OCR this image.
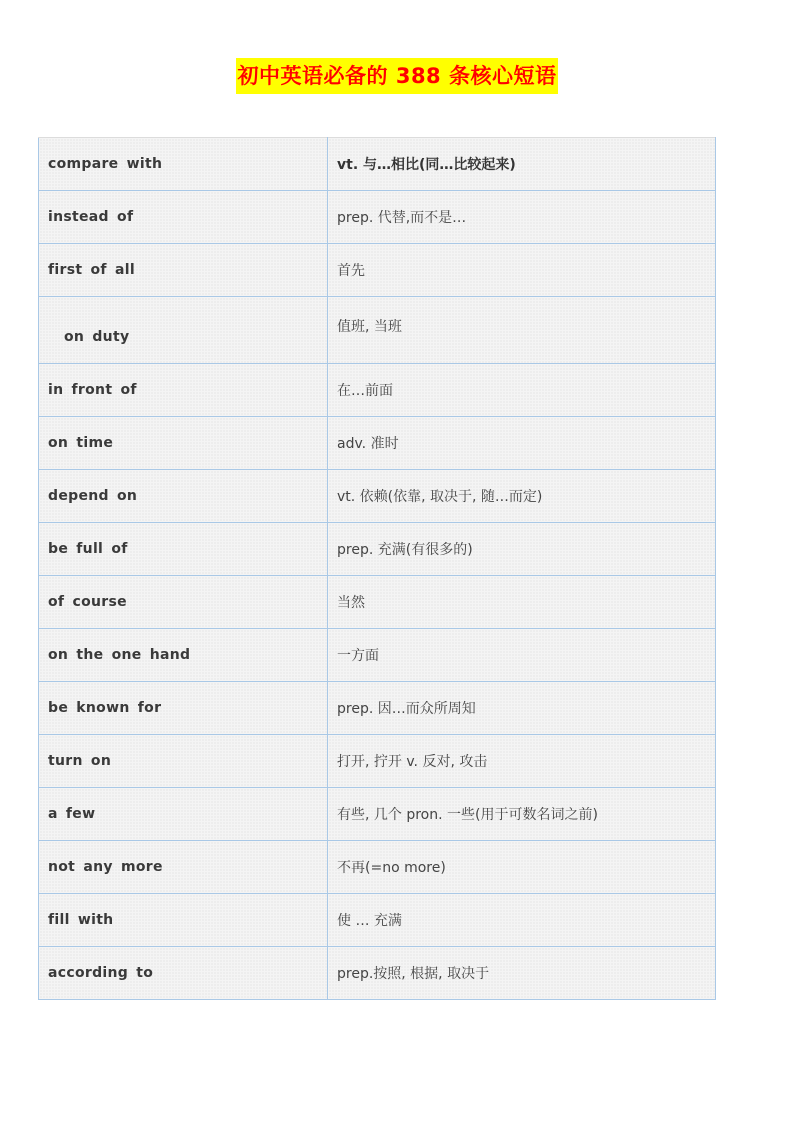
初中英语必备的 388 条核心短语
compare with	vt. 与…相比(同…比较起来)
instead of	prep. 代替,而不是…
first of all	首先
on duty	值班, 当班
in front of	在…前面
on time	adv. 准时
depend on	vt. 依赖(依靠, 取决于, 随…而定)
be full of	prep. 充满(有很多的)
of course	当然
on the one hand	一方面
be known for	prep. 因…而众所周知
turn on	打开, 拧开 v. 反对, 攻击
a few	有些, 几个 pron. 一些(用于可数名词之前)
not any more	不再(=no more)
fill with	使 … 充满
according to	prep.按照, 根据, 取决于
